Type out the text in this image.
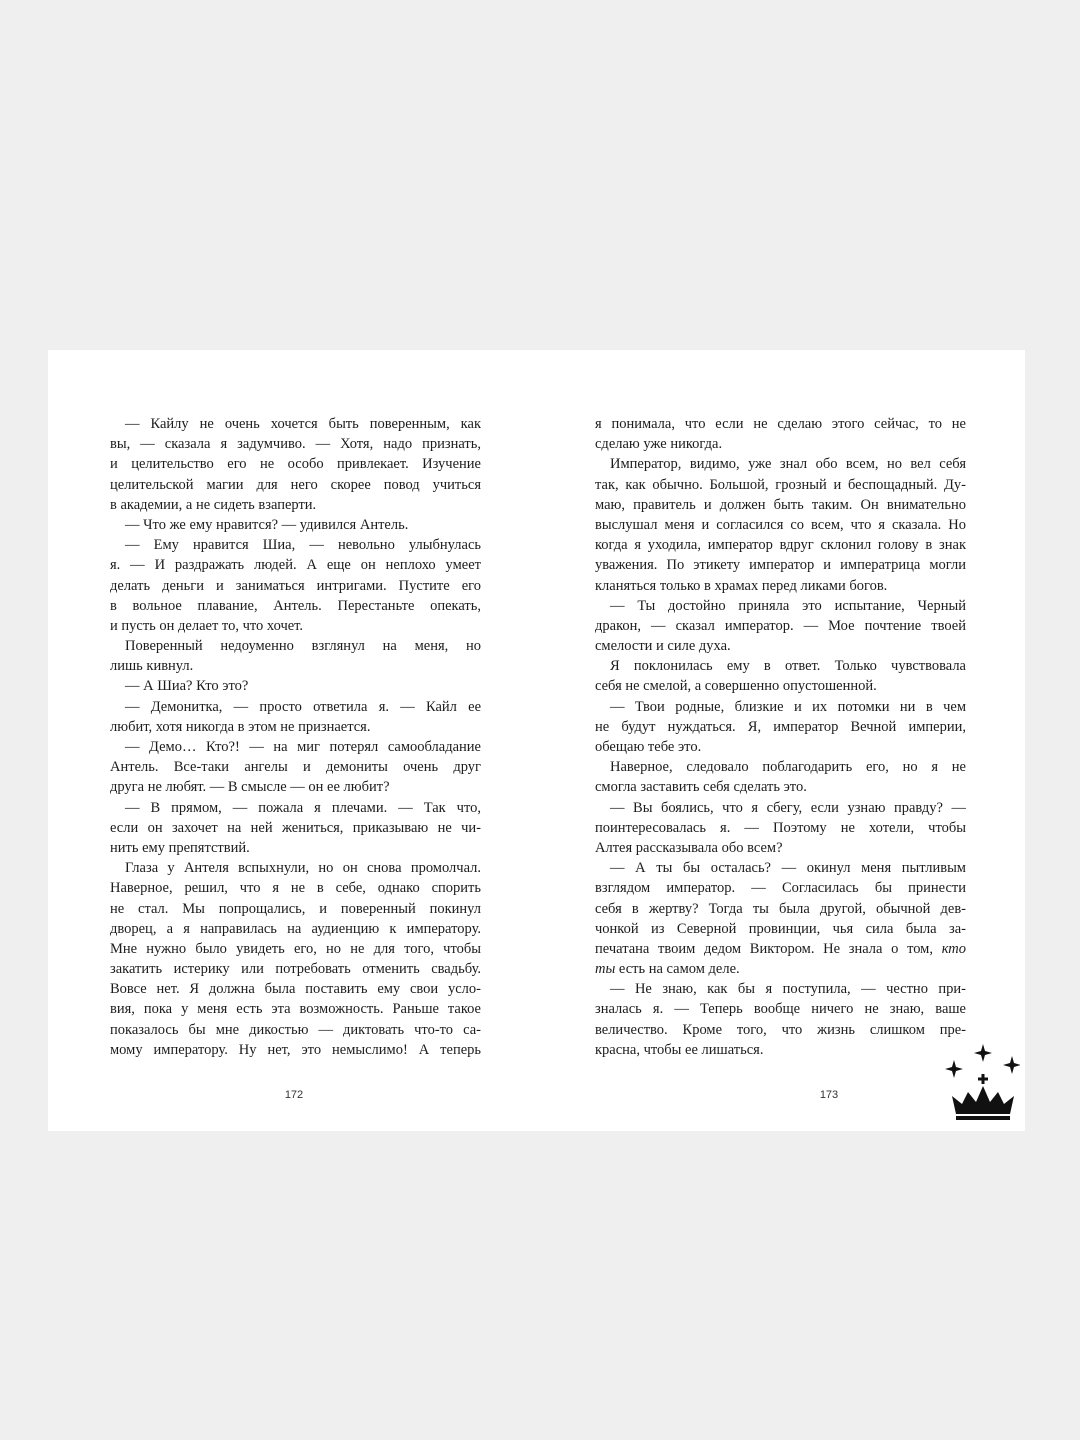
— Кайлу не очень хочется быть поверенным, как
вы, — сказала я задумчиво. — Хотя, надо признать,
и целительство его не особо привлекает. Изучение
целительской магии для него скорее повод учиться
в академии, а не сидеть взаперти.
— Что же ему нравится? — удивился Антель.
— Ему нравится Шиа, — невольно улыбнулась
я. — И раздражать людей. А еще он неплохо умеет
делать деньги и заниматься интригами. Пустите его
в вольное плавание, Антель. Перестаньте опекать,
и пусть он делает то, что хочет.
Поверенный недоуменно взглянул на меня, но
лишь кивнул.
— А Шиа? Кто это?
— Демонитка, — просто ответила я. — Кайл ее
любит, хотя никогда в этом не признается.
— Демо… Кто?! — на миг потерял самообладание
Антель. Все-таки ангелы и демониты очень друг
друга не любят. — В смысле — он ее любит?
— В прямом, — пожала я плечами. — Так что,
если он захочет на ней жениться, приказываю не чи-
нить ему препятствий.
Глаза у Антеля вспыхнули, но он снова промолчал.
Наверное, решил, что я не в себе, однако спорить
не стал. Мы попрощались, и поверенный покинул
дворец, а я направилась на аудиенцию к императору.
Мне нужно было увидеть его, но не для того, чтобы
закатить истерику или потребовать отменить свадьбу.
Вовсе нет. Я должна была поставить ему свои усло-
вия, пока у меня есть эта возможность. Раньше такое
показалось бы мне дикостью — диктовать что-то са-
мому императору. Ну нет, это немыслимо! А теперь
172
я понимала, что если не сделаю этого сейчас, то не
сделаю уже никогда.
Император, видимо, уже знал обо всем, но вел себя
так, как обычно. Большой, грозный и беспощадный. Ду-
маю, правитель и должен быть таким. Он внимательно
выслушал меня и согласился со всем, что я сказала. Но
когда я уходила, император вдруг склонил голову в знак
уважения. По этикету император и императрица могли
кланяться только в храмах перед ликами богов.
— Ты достойно приняла это испытание, Черный
дракон, — сказал император. — Мое почтение твоей
смелости и силе духа.
Я поклонилась ему в ответ. Только чувствовала
себя не смелой, а совершенно опустошенной.
— Твои родные, близкие и их потомки ни в чем
не будут нуждаться. Я, император Вечной империи,
обещаю тебе это.
Наверное, следовало поблагодарить его, но я не
смогла заставить себя сделать это.
— Вы боялись, что я сбегу, если узнаю правду? —
поинтересовалась я. — Поэтому не хотели, чтобы
Алтея рассказывала обо всем?
— А ты бы осталась? — окинул меня пытливым
взглядом император. — Согласилась бы принести
себя в жертву? Тогда ты была другой, обычной дев-
чонкой из Северной провинции, чья сила была за-
печатана твоим дедом Виктором. Не знала о том, кто
ты есть на самом деле.
— Не знаю, как бы я поступила, — честно при-
зналась я. — Теперь вообще ничего не знаю, ваше
величество. Кроме того, что жизнь слишком пре-
красна, чтобы ее лишаться.
173
